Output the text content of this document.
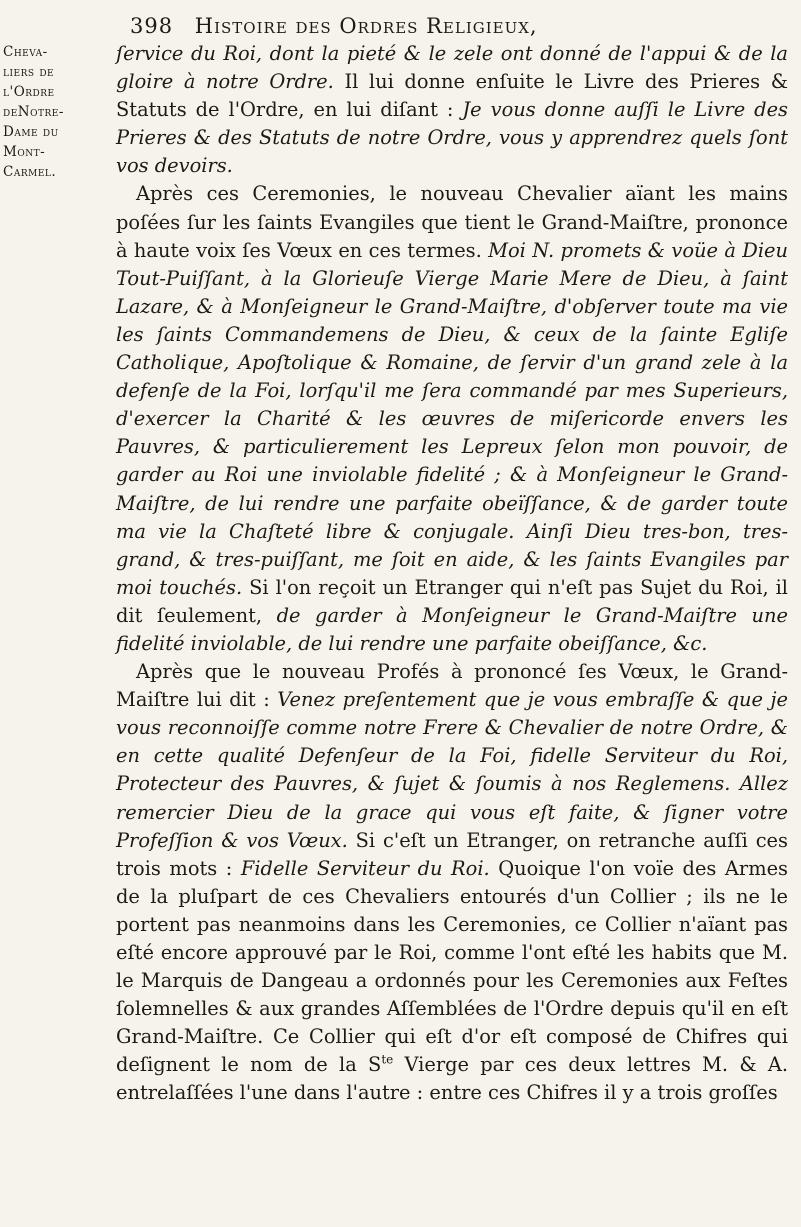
398 Histoire des Ordres Religieux,
Cheva-
liers de
l'Ordre
deNotre-
Dame du
Mont-
Carmel.

ſervice du Roi, dont la pieté & le zele ont donné de l'appui & de la gloire à notre Ordre. Il lui donne enſuite le Livre des Prieres & Statuts de l'Ordre, en lui diſant : Je vous donne auſſi le Livre des Prieres & des Statuts de notre Ordre, vous y apprendrez quels ſont vos devoirs.

Après ces Ceremonies, le nouveau Chevalier aïant les mains poſées ſur les ſaints Evangiles que tient le Grand-Maiſtre, prononce à haute voix ſes Vœux en ces termes. Moi N. promets & voüe à Dieu Tout-Puiſſant, à la Glorieuſe Vierge Marie Mere de Dieu, à ſaint Lazare, & à Monſeigneur le Grand-Maiſtre, d'obſerver toute ma vie les ſaints Commandemens de Dieu, & ceux de la ſainte Egliſe Catholique, Apoſtolique & Romaine, de ſervir d'un grand zele à la defenſe de la Foi, lorſqu'il me ſera commandé par mes Superieurs, d'exercer la Charité & les œuvres de miſericorde envers les Pauvres, & particulierement les Lepreux ſelon mon pouvoir, de garder au Roi une inviolable fidelité ; & à Monſeigneur le Grand-Maiſtre, de lui rendre une parfaite obeïſſance, & de garder toute ma vie la Chaſteté libre & conjugale. Ainſi Dieu tres-bon, tres-grand, & tres-puiſſant, me ſoit en aide, & les ſaints Evangiles par moi touchés. Si l'on reçoit un Etranger qui n'eſt pas Sujet du Roi, il dit ſeulement, de garder à Monſeigneur le Grand-Maiſtre une fidelité inviolable, de lui rendre une parfaite obeiſſance, &c.

Après que le nouveau Profés à prononcé ſes Vœux, le Grand-Maiſtre lui dit : Venez preſentement que je vous embraſſe & que je vous reconnoiſſe comme notre Frere & Chevalier de notre Ordre, & en cette qualité Defenſeur de la Foi, fidelle Serviteur du Roi, Protecteur des Pauvres, & ſujet & ſoumis à nos Reglemens. Allez remercier Dieu de la grace qui vous eſt faite, & ſigner votre Profeſſion & vos Vœux. Si c'eſt un Etranger, on retranche auſſi ces trois mots : Fidelle Serviteur du Roi. Quoique l'on voïe des Armes de la pluſpart de ces Chevaliers entourés d'un Collier ; ils ne le portent pas neanmoins dans les Ceremonies, ce Collier n'aïant pas eſté encore approuvé par le Roi, comme l'ont eſté les habits que M. le Marquis de Dangeau a ordonnés pour les Ceremonies aux Feſtes ſolemnelles & aux grandes Aſſemblées de l'Ordre depuis qu'il en eſt Grand-Maiſtre. Ce Collier qui eſt d'or eſt composé de Chifres qui deſignent le nom de la $S^{te}$ Vierge par ces deux lettres M. & A. entrelaſſées l'une dans l'autre : entre ces Chifres il y a trois groſſes
